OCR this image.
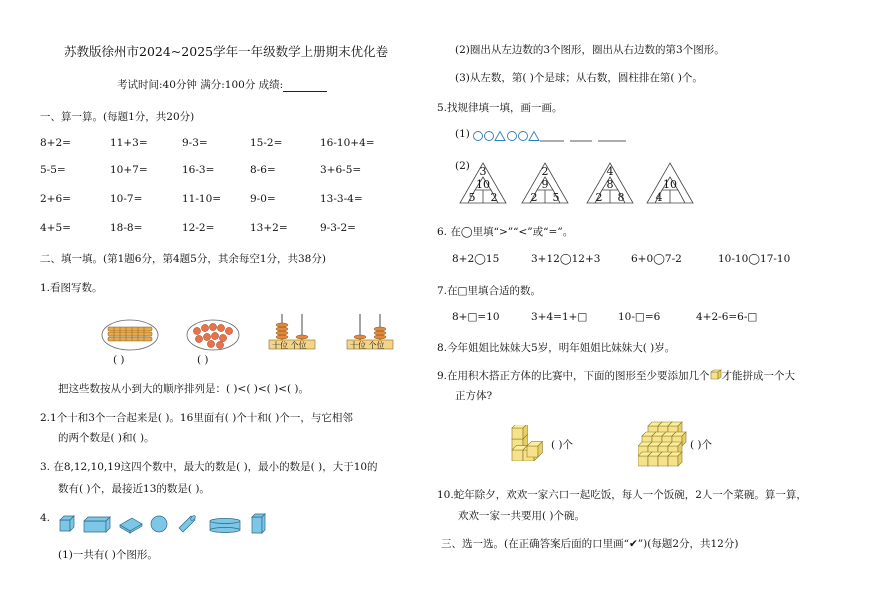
苏教版徐州市2024~2025学年一年级数学上册期末优化卷
考试时间:40分钟 满分:100分 成绩:
一、算一算。(每题1分，共20分)
8+2=	11+3=	9-3=	15-2=	16-10+4=
5-5=	10+7=	16-3=	8-6=	3+6-5=
2+6=	10-7=	11-10=	9-0=	13-3-4=
4+5=	18-8=	12-2=	13+2=	9-3-2=
二、填一填。(第1题6分，第4题5分，其余每空1分，共38分)
1.看图写数。
( )	( )
十位 个位	十位 个位
把这些数按从小到大的顺序排列是：( )<( )<( )<( )。
2.1个十和3个一合起来是( )。16里面有( )个十和( )个一，与它相邻
的两个数是( )和( )。
3. 在8,12,10,19这四个数中，最大的数是( )，最小的数是( )，大于10的
数有( )个，最接近13的数是( )。
4.
(1)一共有( )个图形。
(2)圈出从左边数的3个图形，圈出从右边数的第3个图形。
(3)从左数，第( )个是球；从右数，圆柱排在第( )个。
5.找规律填一填，画一画。
(1)
(2) 3
10
5 2
2
9
2 5
4
8
2 8
10
4
6. 在◯里填“>”“<”或“=”。
8+2◯15	3+12◯12+3	6+0◯7-2	10-10◯17-10
7.在□里填合适的数。
8+□=10	3+4=1+□	10-□=6	4+2-6=6-□
8.今年姐姐比妹妹大5岁，明年姐姐比妹妹大( )岁。
9.在用积木搭正方体的比赛中，下面的图形至少要添加几个 才能拼成一个大
正方体?
( )个	( )个
10.蛇年除夕，欢欢一家六口一起吃饭，每人一个饭碗，2人一个菜碗。算一算，
欢欢一家一共要用( )个碗。
三、选一选。(在正确答案后面的口里画“✔”)(每题2分，共12分)
